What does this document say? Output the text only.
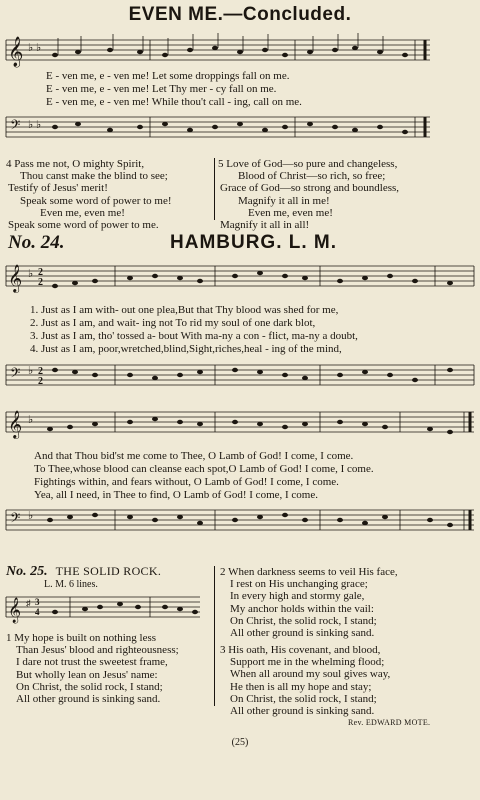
EVEN ME.—Concluded.
𝄞 ♭ ♭
E - ven me, e - ven me! Let some droppings fall on me.
E - ven me, e - ven me! Let Thy mer - cy fall on me.
E - ven me, e - ven me! While thou't call - ing, call on me.
𝄢 ♭ ♭
4 Pass me not, O mighty Spirit,
Thou canst make the blind to see;
Testify of Jesus' merit!
Speak some word of power to me!
Even me, even me!
Speak some word of power to me.
5 Love of God—so pure and changeless,
Blood of Christ—so rich, so free;
Grace of God—so strong and boundless,
Magnify it all in me!
Even me, even me!
Magnify it all in all!
No. 24.	HAMBURG. L. M.
𝄞 ♭ 2
2
1. Just as I am with- out one plea,But that Thy blood was shed for me,
2. Just as I am, and wait- ing not To rid my soul of one dark blot,
3. Just as I am, tho' tossed a- bout With ma-ny a con - flict, ma-ny a doubt,
4. Just as I am, poor,wretched,blind,Sight,riches,heal - ing of the mind,
𝄢 ♭ 2
2
𝄞 ♭
And that Thou bid'st me come to Thee, O Lamb of God! I come, I come.
To Thee,whose blood can cleanse each spot,O Lamb of God! I come, I come.
Fightings within, and fears without, O Lamb of God! I come, I come.
Yea, all I need, in Thee to find, O Lamb of God! I come, I come.
𝄢 ♭
No. 25. THE SOLID ROCK.
L. M. 6 lines.
𝄞 ♯ 3
4
1 My hope is built on nothing less
Than Jesus' blood and righteousness;
I dare not trust the sweetest frame,
But wholly lean on Jesus' name:
On Christ, the solid rock, I stand;
All other ground is sinking sand.
2 When darkness seems to veil His face,
I rest on His unchanging grace;
In every high and stormy gale,
My anchor holds within the vail:
On Christ, the solid rock, I stand;
All other ground is sinking sand.
3 His oath, His covenant, and blood,
Support me in the whelming flood;
When all around my soul gives way,
He then is all my hope and stay;
On Christ, the solid rock, I stand;
All other ground is sinking sand.
Rev. EDWARD MOTE.
(25)
